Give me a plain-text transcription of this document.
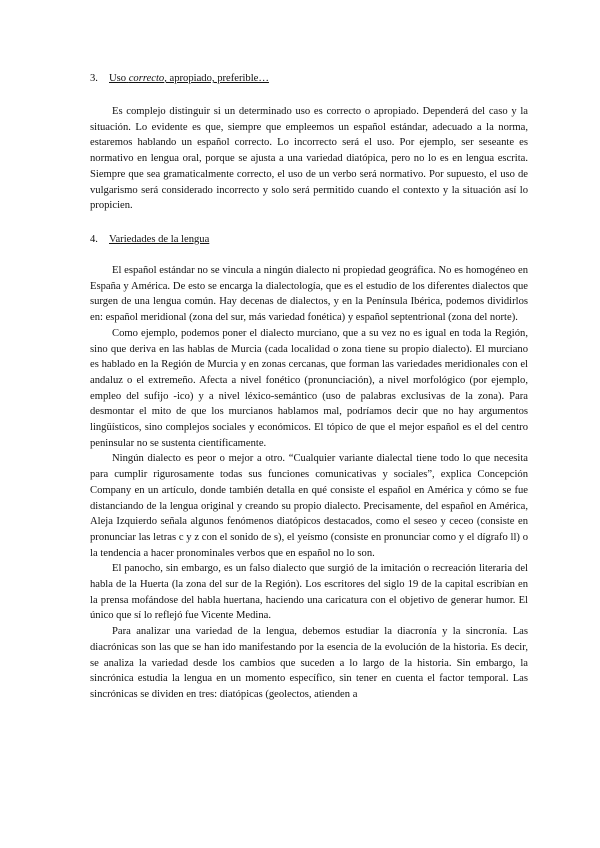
3. Uso correcto, apropiado, preferible…

Es complejo distinguir si un determinado uso es correcto o apropiado. Dependerá del caso y la situación. Lo evidente es que, siempre que empleemos un español estándar, adecuado a la norma, estaremos hablando un español correcto. Lo incorrecto será el uso. Por ejemplo, ser seseante es normativo en lengua oral, porque se ajusta a una variedad diatópica, pero no lo es en lengua escrita. Siempre que sea gramaticalmente correcto, el uso de un verbo será normativo. Por supuesto, el uso de vulgarismo será considerado incorrecto y solo será permitido cuando el contexto y la situación así lo propicien.

4. Variedades de la lengua

El español estándar no se vincula a ningún dialecto ni propiedad geográfica. No es homogéneo en España y América. De esto se encarga la dialectología, que es el estudio de los diferentes dialectos que surgen de una lengua común. Hay decenas de dialectos, y en la Península Ibérica, podemos dividirlos en: español meridional (zona del sur, más variedad fonética) y español septentrional (zona del norte).

Como ejemplo, podemos poner el dialecto murciano, que a su vez no es igual en toda la Región, sino que deriva en las hablas de Murcia (cada localidad o zona tiene su propio dialecto). El murciano es hablado en la Región de Murcia y en zonas cercanas, que forman las variedades meridionales con el andaluz o el extremeño. Afecta a nivel fonético (pronunciación), a nivel morfológico (por ejemplo, empleo del sufijo -ico) y a nivel léxico-semántico (uso de palabras exclusivas de la zona). Para desmontar el mito de que los murcianos hablamos mal, podríamos decir que no hay argumentos lingüísticos, sino complejos sociales y económicos. El tópico de que el mejor español es el del centro peninsular no se sustenta científicamente.

Ningún dialecto es peor o mejor a otro. “Cualquier variante dialectal tiene todo lo que necesita para cumplir rigurosamente todas sus funciones comunicativas y sociales”, explica Concepción Company en un artículo, donde también detalla en qué consiste el español en América y cómo se fue distanciando de la lengua original y creando su propio dialecto. Precisamente, del español en América, Aleja Izquierdo señala algunos fenómenos diatópicos destacados, como el seseo y ceceo (consiste en pronunciar las letras c y z con el sonido de s), el yeísmo (consiste en pronunciar como y el dígrafo ll) o la tendencia a hacer pronominales verbos que en español no lo son.

El panocho, sin embargo, es un falso dialecto que surgió de la imitación o recreación literaria del habla de la Huerta (la zona del sur de la Región). Los escritores del siglo 19 de la capital escribían en la prensa mofándose del habla huertana, haciendo una caricatura con el objetivo de generar humor. El único que sí lo reflejó fue Vicente Medina.

Para analizar una variedad de la lengua, debemos estudiar la diacronía y la sincronía. Las diacrónicas son las que se han ido manifestando por la esencia de la evolución de la historia. Es decir, se analiza la variedad desde los cambios que suceden a lo largo de la historia. Sin embargo, la sincrónica estudia la lengua en un momento específico, sin tener en cuenta el factor temporal. Las sincrónicas se dividen en tres: diatópicas (geolectos, atienden a
